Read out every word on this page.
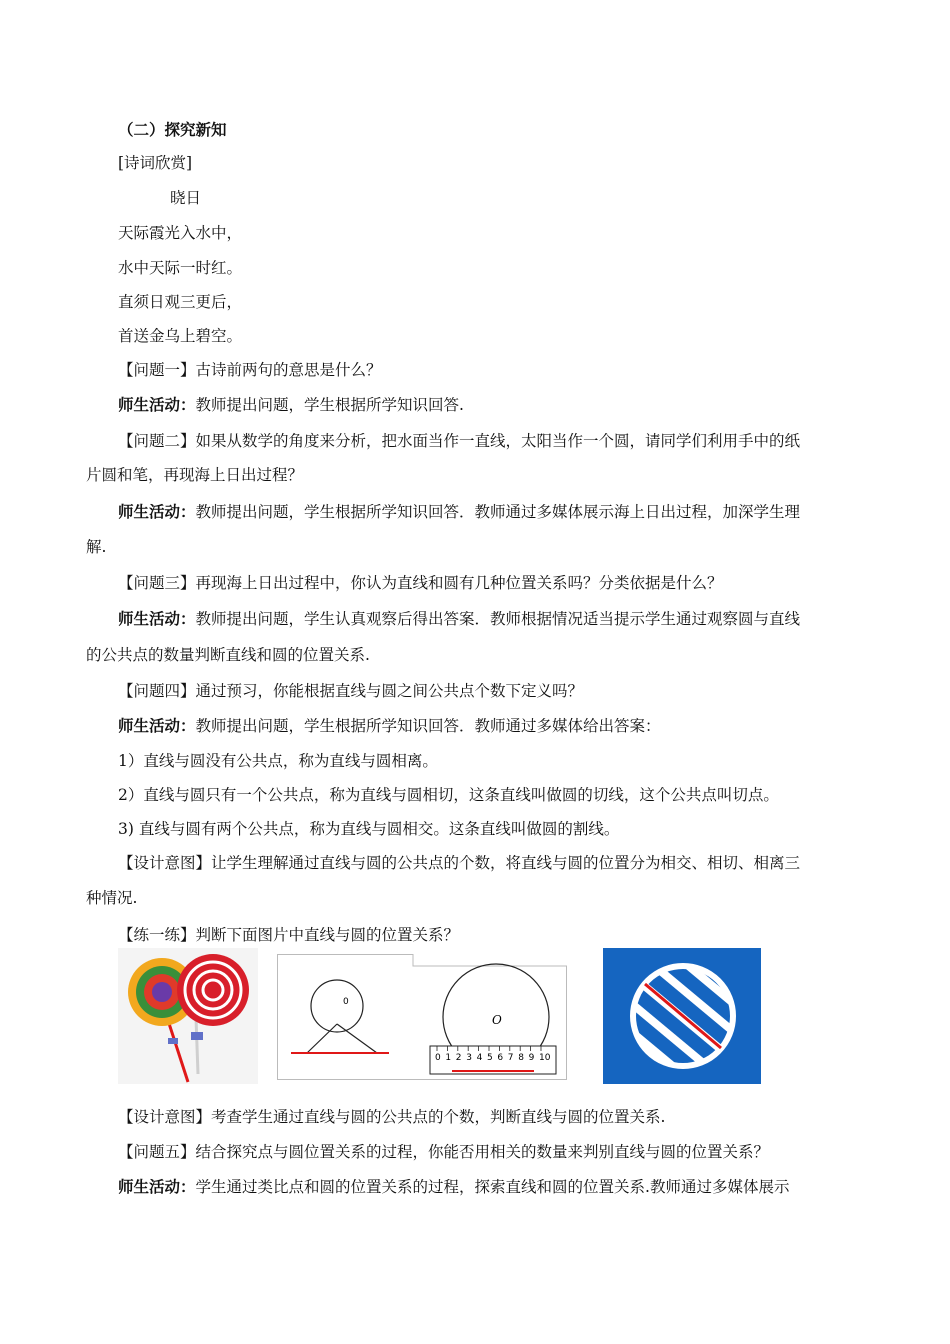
（二）探究新知
[诗词欣赏]
晓日
天际霞光入水中，
水中天际一时红。
直须日观三更后，
首送金乌上碧空。
【问题一】古诗前两句的意思是什么？
师生活动：教师提出问题，学生根据所学知识回答.
【问题二】如果从数学的角度来分析，把水面当作一直线，太阳当作一个圆，请同学们利用手中的纸
片圆和笔，再现海上日出过程？
师生活动：教师提出问题，学生根据所学知识回答．教师通过多媒体展示海上日出过程，加深学生理
解.
【问题三】再现海上日出过程中，你认为直线和圆有几种位置关系吗？分类依据是什么？
师生活动：教师提出问题，学生认真观察后得出答案．教师根据情况适当提示学生通过观察圆与直线
的公共点的数量判断直线和圆的位置关系.
【问题四】通过预习，你能根据直线与圆之间公共点个数下定义吗？
师生活动：教师提出问题，学生根据所学知识回答．教师通过多媒体给出答案：
1）直线与圆没有公共点，称为直线与圆相离。
2）直线与圆只有一个公共点，称为直线与圆相切，这条直线叫做圆的切线，这个公共点叫切点。
3) 直线与圆有两个公共点，称为直线与圆相交。这条直线叫做圆的割线。
【设计意图】让学生理解通过直线与圆的公共点的个数，将直线与圆的位置分为相交、相切、相离三
种情况.
【练一练】判断下面图片中直线与圆的位置关系？
0
O
0 1 2 3 4 5 6 7 8 9 10
【设计意图】考查学生通过直线与圆的公共点的个数，判断直线与圆的位置关系.
【问题五】结合探究点与圆位置关系的过程，你能否用相关的数量来判别直线与圆的位置关系？
师生活动：学生通过类比点和圆的位置关系的过程，探索直线和圆的位置关系.教师通过多媒体展示
